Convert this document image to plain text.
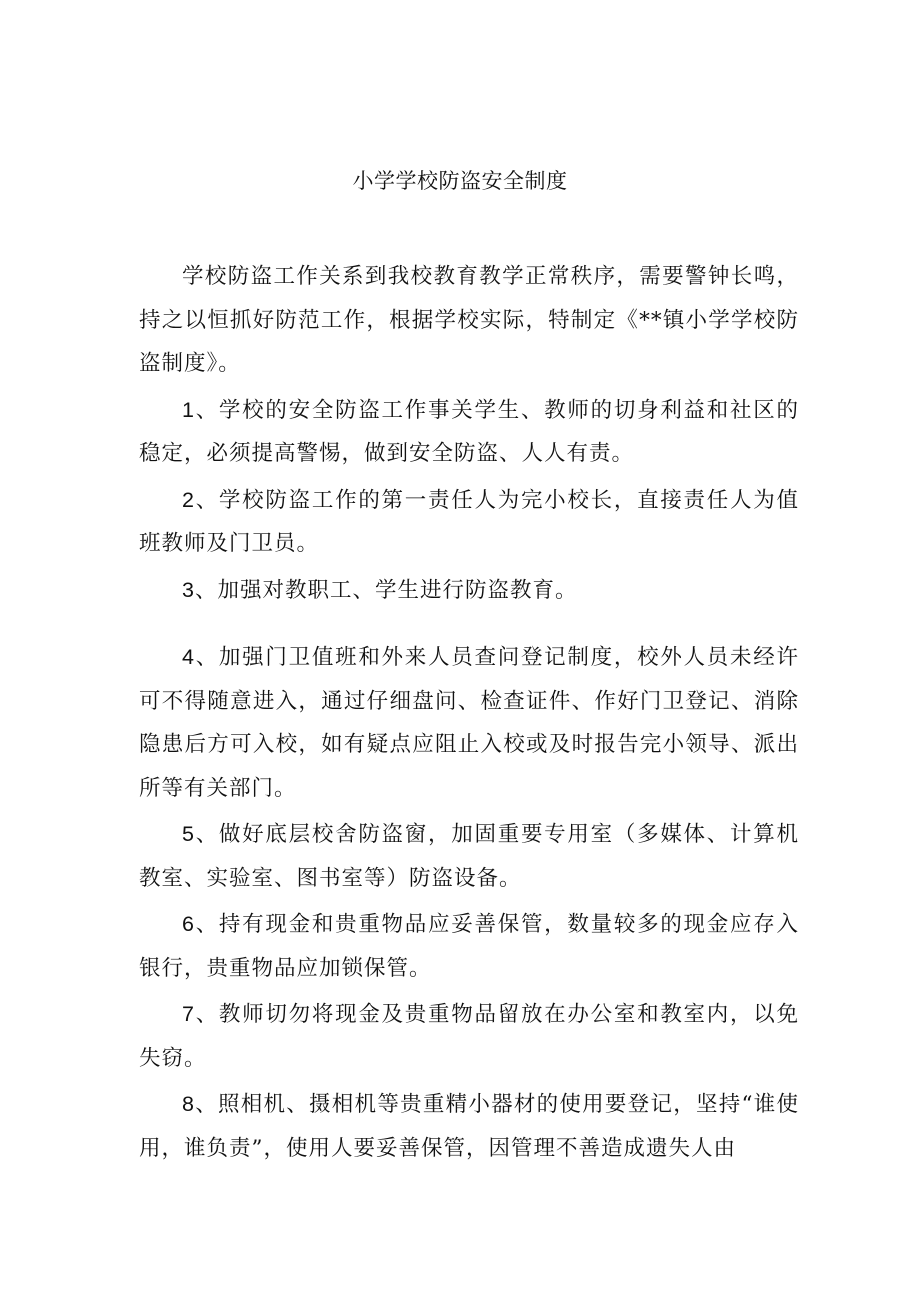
小学学校防盗安全制度

学校防盗工作关系到我校教育教学正常秩序，需要警钟长鸣，持之以恒抓好防范工作，根据学校实际，特制定《**镇小学学校防盗制度》。

1、学校的安全防盗工作事关学生、教师的切身利益和社区的稳定，必须提高警惕，做到安全防盗、人人有责。

2、学校防盗工作的第一责任人为完小校长，直接责任人为值班教师及门卫员。

3、加强对教职工、学生进行防盗教育。

4、加强门卫值班和外来人员查问登记制度，校外人员未经许可不得随意进入，通过仔细盘问、检查证件、作好门卫登记、消除隐患后方可入校，如有疑点应阻止入校或及时报告完小领导、派出所等有关部门。

5、做好底层校舍防盗窗，加固重要专用室（多媒体、计算机教室、实验室、图书室等）防盗设备。

6、持有现金和贵重物品应妥善保管，数量较多的现金应存入银行，贵重物品应加锁保管。

7、教师切勿将现金及贵重物品留放在办公室和教室内，以免失窃。

8、照相机、摄相机等贵重精小器材的使用要登记，坚持“谁使用，谁负责”，使用人要妥善保管，因管理不善造成遗失人由
